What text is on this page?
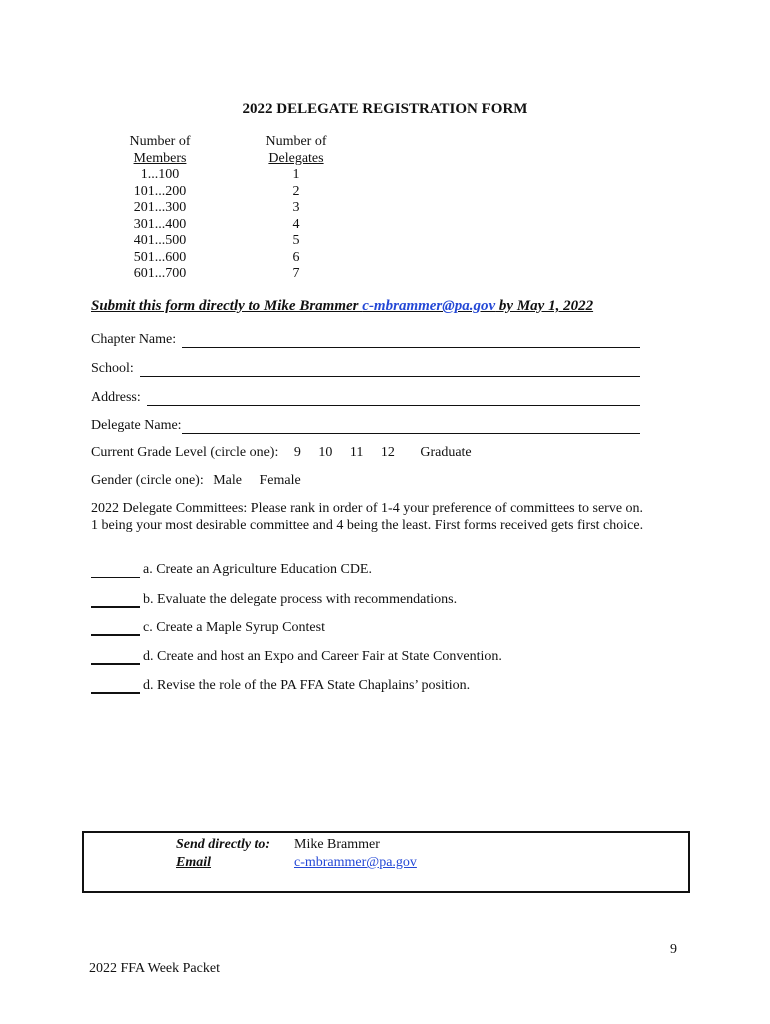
2022 DELEGATE REGISTRATION FORM
Number of
Members
1...100
101...200
201...300
301...400
401...500
501...600
601...700
Number of
Delegates
1
2
3
4
5
6
7
Submit this form directly to Mike Brammer c-mbrammer@pa.gov by May 1, 2022
Chapter Name:
School:
Address:
Delegate Name:
Current Grade Level (circle one): 9 10 11 12 Graduate
Gender (circle one): Male Female
2022 Delegate Committees: Please rank in order of 1-4 your preference of committees to serve on.
1 being your most desirable committee and 4 being the least. First forms received gets first choice.
a. Create an Agriculture Education CDE.
b. Evaluate the delegate process with recommendations.
c. Create a Maple Syrup Contest
d. Create and host an Expo and Career Fair at State Convention.
d. Revise the role of the PA FFA State Chaplains’ position.
Send directly to:
Email
Mike Brammer
c-mbrammer@pa.gov
9
2022 FFA Week Packet
